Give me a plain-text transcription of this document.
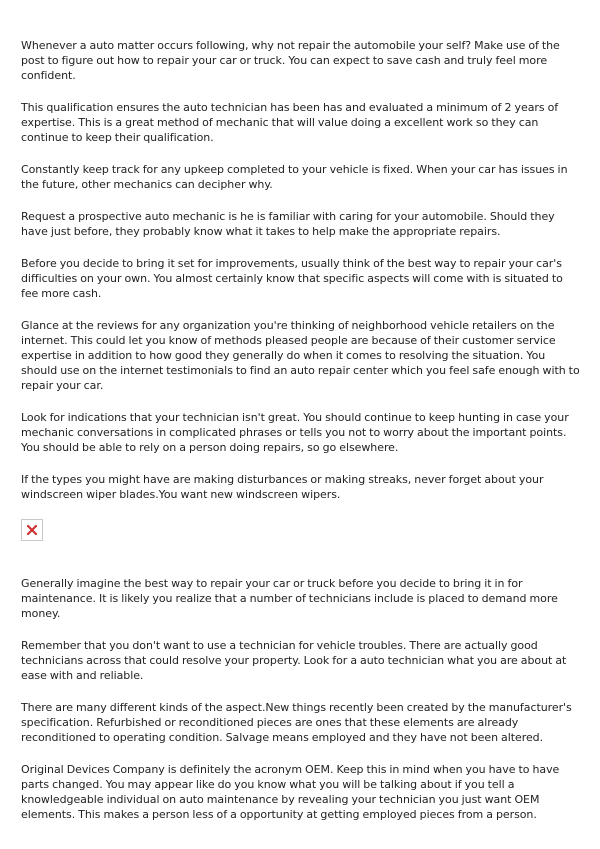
Whenever a auto matter occurs following, why not repair the automobile your self? Make use of the post to figure out how to repair your car or truck. You can expect to save cash and truly feel more confident.

This qualification ensures the auto technician has been has and evaluated a minimum of 2 years of expertise. This is a great method of mechanic that will value doing a excellent work so they can continue to keep their qualification.

Constantly keep track for any upkeep completed to your vehicle is fixed. When your car has issues in the future, other mechanics can decipher why.

Request a prospective auto mechanic is he is familiar with caring for your automobile. Should they have just before, they probably know what it takes to help make the appropriate repairs.

Before you decide to bring it set for improvements, usually think of the best way to repair your car's difficulties on your own. You almost certainly know that specific aspects will come with is situated to fee more cash.

Glance at the reviews for any organization you're thinking of neighborhood vehicle retailers on the internet. This could let you know of methods pleased people are because of their customer service expertise in addition to how good they generally do when it comes to resolving the situation. You should use on the internet testimonials to find an auto repair center which you feel safe enough with to repair your car.

Look for indications that your technician isn't great. You should continue to keep hunting in case your mechanic conversations in complicated phrases or tells you not to worry about the important points. You should be able to rely on a person doing repairs, so go elsewhere.

If the types you might have are making disturbances or making streaks, never forget about your windscreen wiper blades.You want new windscreen wipers.

Generally imagine the best way to repair your car or truck before you decide to bring it in for maintenance. It is likely you realize that a number of technicians include is placed to demand more money.

Remember that you don't want to use a technician for vehicle troubles. There are actually good technicians across that could resolve your property. Look for a auto technician what you are about at ease with and reliable.

There are many different kinds of the aspect.New things recently been created by the manufacturer's specification. Refurbished or reconditioned pieces are ones that these elements are already reconditioned to operating condition. Salvage means employed and they have not been altered.

Original Devices Company is definitely the acronym OEM. Keep this in mind when you have to have parts changed. You may appear like do you know what you will be talking about if you tell a knowledgeable individual on auto maintenance by revealing your technician you just want OEM elements. This makes a person less of a opportunity at getting employed pieces from a person.
